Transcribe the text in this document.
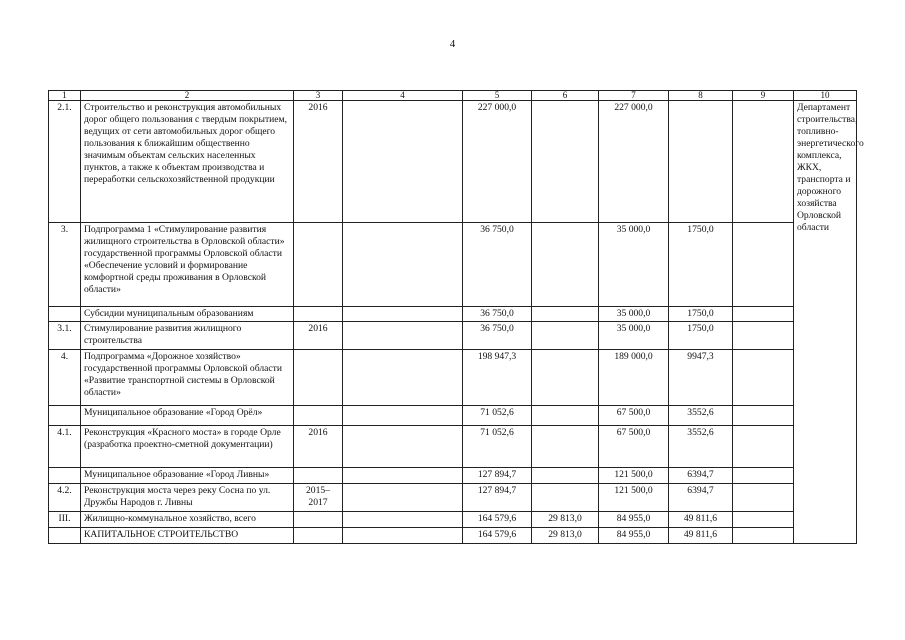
4
1	2	3	4	5	6	7	8	9	10
2.1.	Строительство и реконструкция автомобильных дорог общего пользования с твердым покрытием, ведущих от сети автомобильных дорог общего пользования к ближайшим общественно значимым объектам сельских населенных пунктов, а также к объектам производства и переработки сельскохозяйственной продукции	2016		227 000,0		227 000,0			Департамент строительства, топливно-энергетического комплекса, ЖКХ, транспорта и дорожного хозяйства Орловской области
3.	Подпрограмма 1 «Стимулирование развития жилищного строительства в Орловской области» государственной программы Орловской области «Обеспечение условий и формирование комфортной среды проживания в Орловской области»			36 750,0		35 000,0	1750,0		
	Субсидии муниципальным образованиям			36 750,0		35 000,0	1750,0		
3.1.	Стимулирование развития жилищного строительства	2016		36 750,0		35 000,0	1750,0		
4.	Подпрограмма «Дорожное хозяйство» государственной программы Орловской области «Развитие транспортной системы в Орловской области»			198 947,3		189 000,0	9947,3		
	Муниципальное образование «Город Орёл»			71 052,6		67 500,0	3552,6		
4.1.	Реконструкция «Красного моста» в городе Орле (разработка проектно-сметной документации)	2016		71 052,6		67 500,0	3552,6		
	Муниципальное образование «Город Ливны»			127 894,7		121 500,0	6394,7		
4.2.	Реконструкция моста через реку Сосна по ул. Дружбы Народов г. Ливны	2015–2017		127 894,7		121 500,0	6394,7		
III.	Жилищно-коммунальное хозяйство, всего			164 579,6	29 813,0	84 955,0	49 811,6		
	КАПИТАЛЬНОЕ СТРОИТЕЛЬСТВО			164 579,6	29 813,0	84 955,0	49 811,6		
